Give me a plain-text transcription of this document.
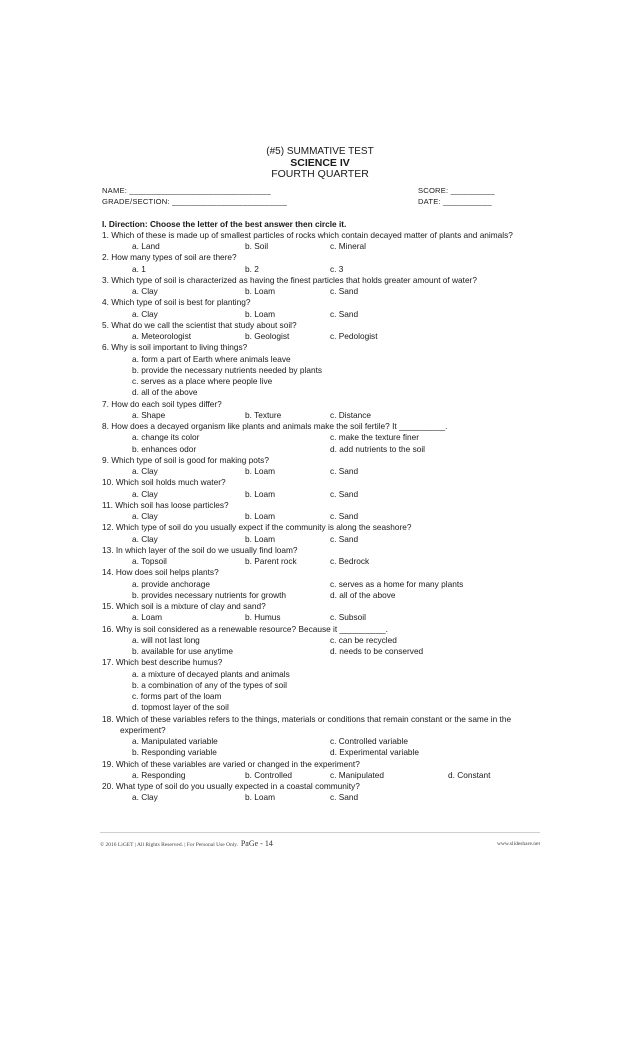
(#5) SUMMATIVE TEST
SCIENCE IV
FOURTH QUARTER
NAME: ________________________________	SCORE: __________
GRADE/SECTION: __________________________	DATE: ___________
I. Direction: Choose the letter of the best answer then circle it.
1. Which of these is made up of smallest particles of rocks which contain decayed matter of plants and animals?
a. Land	b. Soil	c. Mineral
2. How many types of soil are there?
a. 1	b. 2	c. 3
3. Which type of soil is characterized as having the finest particles that holds greater amount of water?
a. Clay	b. Loam	c. Sand
4. Which type of soil is best for planting?
a. Clay	b. Loam	c. Sand
5. What do we call the scientist that study about soil?
a. Meteorologist	b. Geologist	c. Pedologist
6. Why is soil important to living things?
a. form a part of Earth where animals leave
b. provide the necessary nutrients needed by plants
c. serves as a place where people live
d. all of the above
7. How do each soil types differ?
a. Shape	b. Texture	c. Distance
8. How does a decayed organism like plants and animals make the soil fertile? It __________.
a. change its color	c. make the texture finer
b. enhances odor	d. add nutrients to the soil
9. Which type of soil is good for making pots?
a. Clay	b. Loam	c. Sand
10. Which soil holds much water?
a. Clay	b. Loam	c. Sand
11. Which soil has loose particles?
a. Clay	b. Loam	c. Sand
12. Which type of soil do you usually expect if the community is along the seashore?
a. Clay	b. Loam	c. Sand
13. In which layer of the soil do we usually find loam?
a. Topsoil	b. Parent rock	c. Bedrock
14. How does soil helps plants?
a. provide anchorage	c. serves as a home for many plants
b. provides necessary nutrients for growth	d. all of the above
15. Which soil is a mixture of clay and sand?
a. Loam	b. Humus	c. Subsoil
16. Why is soil considered as a renewable resource? Because it __________.
a. will not last long	c. can be recycled
b. available for use anytime	d. needs to be conserved
17. Which best describe humus?
a. a mixture of decayed plants and animals
b. a combination of any of the types of soil
c. forms part of the loam
d. topmost layer of the soil
18. Which of these variables refers to the things, materials or conditions that remain constant or the same in the experiment?
a. Manipulated variable	c. Controlled variable
b. Responding variable	d. Experimental variable
19. Which of these variables are varied or changed in the experiment?
a. Responding	b. Controlled	c. Manipulated	d. Constant
20. What type of soil do you usually expected in a coastal community?
a. Clay	b. Loam	c. Sand
© 2016 LiGET | All Rights Reserved. | For Personal Use Only. PaGe - 14	www.slideshare.net
